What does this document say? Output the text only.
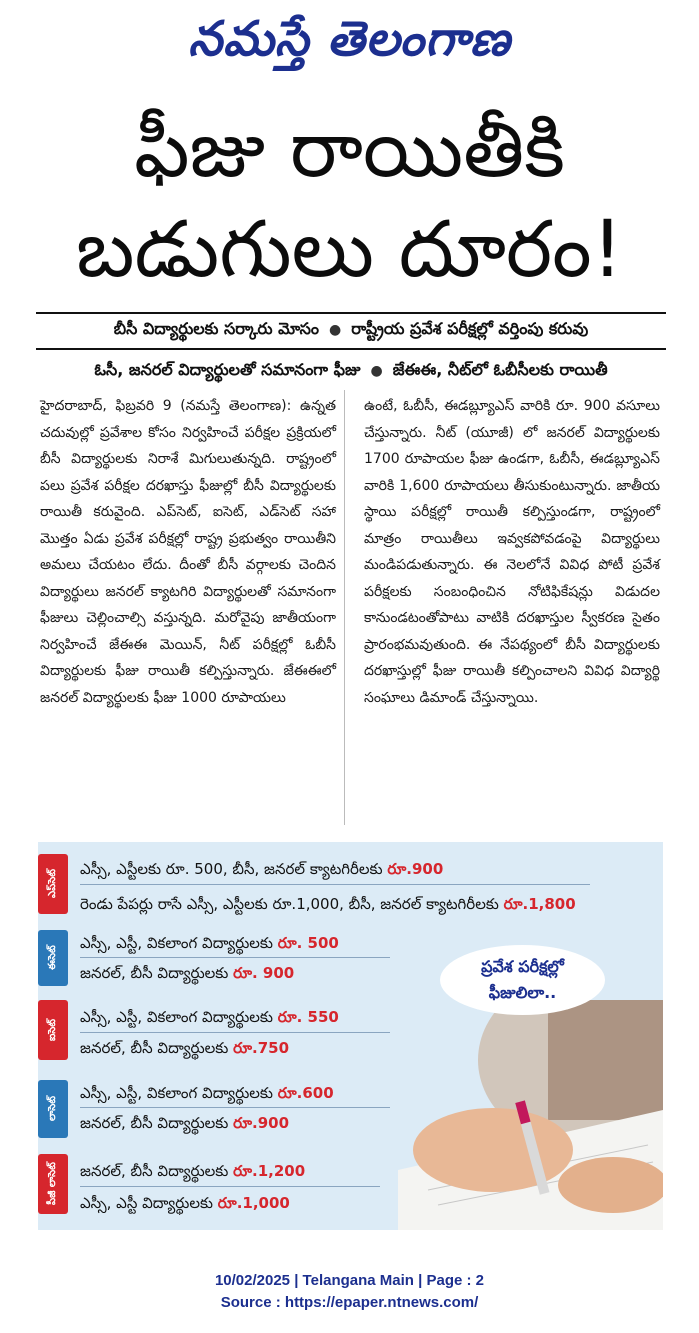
నమస్తే తెలంగాణ
ఫీజు రాయితీకి
బడుగులు దూరం!
బీసీ విద్యార్థులకు సర్కారు మోసం ● రాష్ట్రీయ ప్రవేశ పరీక్షల్లో వర్తింపు కరువు
ఓసీ, జనరల్ విద్యార్థులతో సమానంగా ఫీజు ● జేఈఈ, నీట్‌లో ఓబీసీలకు రాయితీ
హైదరాబాద్, ఫిబ్రవరి 9 (నమస్తే తెలంగాణ): ఉన్నత చదువుల్లో ప్రవేశాల కోసం నిర్వహించే పరీక్షల ప్రక్రియలో బీసీ విద్యార్థులకు నిరాశే మిగులుతున్నది. రాష్ట్రంలో పలు ప్రవేశ పరీక్షల దరఖాస్తు ఫీజుల్లో బీసీ విద్యార్థులకు రాయితీ కరువైంది. ఎప్‌సెట్, ఐసెట్, ఎడ్‌సెట్ సహా మొత్తం ఏడు ప్రవేశ పరీక్షల్లో రాష్ట్ర ప్రభుత్వం రాయితీని అమలు చేయటం లేదు. దీంతో బీసీ వర్గాలకు చెందిన విద్యార్థులు జనరల్ క్యాటగిరి విద్యార్థులతో సమానంగా ఫీజులు చెల్లించాల్సి వస్తున్నది. మరోవైపు జాతీయంగా నిర్వహించే జేఈఈ మెయిన్, నీట్ పరీక్షల్లో ఓబీసీ విద్యార్థులకు ఫీజు రాయితీ కల్పిస్తున్నారు. జేఈఈలో జనరల్ విద్యార్థులకు ఫీజు 1000 రూపాయలు
ఉంటే, ఓబీసీ, ఈడబ్ల్యూఎస్ వారికి రూ. 900 వసూలు చేస్తున్నారు. నీట్ (యూజీ) లో జనరల్ విద్యార్థులకు 1700 రూపాయల ఫీజు ఉండగా, ఓబీసీ, ఈడబ్ల్యూఎస్ వారికి 1,600 రూపాయలు తీసుకుంటున్నారు. జాతీయ స్థాయి పరీక్షల్లో రాయితీ కల్పిస్తుండగా, రాష్ట్రంలో మాత్రం రాయితీలు ఇవ్వకపోవడంపై విద్యార్థులు మండిపడుతున్నారు. ఈ నెలలోనే వివిధ పోటీ ప్రవేశ పరీక్షలకు సంబంధించిన నోటిఫికేషన్లు విడుదల కానుండటంతోపాటు వాటికి దరఖాస్తుల స్వీకరణ సైతం ప్రారంభమవుతుంది. ఈ నేపథ్యంలో బీసీ విద్యార్థులకు దరఖాస్తుల్లో ఫీజు రాయితీ కల్పించాలని వివిధ విద్యార్థి సంఘాలు డిమాండ్ చేస్తున్నాయి.
ఎప్‌సెట్
ఎస్సీ, ఎస్టీలకు రూ. 500, బీసీ, జనరల్ క్యాటగిరీలకు రూ.900
రెండు పేపర్లు రాసే ఎస్సీ, ఎస్టీలకు రూ.1,000, బీసీ, జనరల్ క్యాటగిరీలకు రూ.1,800
ఈసెట్
ఎస్సీ, ఎస్టీ, వికలాంగ విద్యార్థులకు రూ. 500
జనరల్, బీసీ విద్యార్థులకు రూ. 900
ఐసెట్
ఎస్సీ, ఎస్టీ, వికలాంగ విద్యార్థులకు రూ. 550
జనరల్, బీసీ విద్యార్థులకు రూ.750
లాసెట్
ఎస్సీ, ఎస్టీ, వికలాంగ విద్యార్థులకు రూ.600
జనరల్, బీసీ విద్యార్థులకు రూ.900
పీజీ లాసెట్	జనరల్, బీసీ విద్యార్థులకు రూ.1,200
ఎస్సీ, ఎస్టీ విద్యార్థులకు రూ.1,000
ప్రవేశ పరీక్షల్లో
ఫీజులిలా..
10/02/2025 | Telangana Main | Page : 2
Source : https://epaper.ntnews.com/
